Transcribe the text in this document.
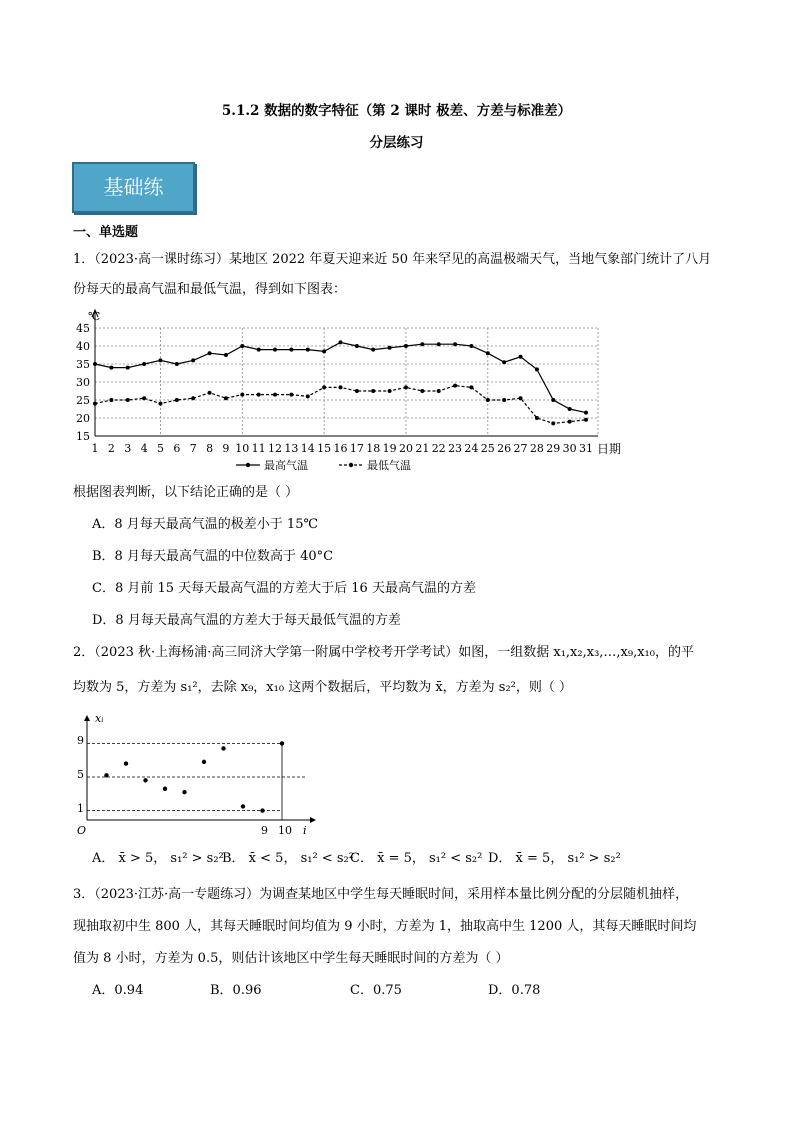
5.1.2 数据的数字特征（第 2 课时 极差、方差与标准差）
分层练习
基础练
一、单选题
1．（2023·高一课时练习）某地区 2022 年夏天迎来近 50 年来罕见的高温极端天气，当地气象部门统计了八月
份每天的最高气温和最低气温，得到如下图表：
15
20
25
30
35
40
45
1 2 3 4 5 6 7 8 9 10 11 12 13 14 15 16 17 18 19 20 21 22 23 24 25 26 27 28 29 30 31
℃
日期
最高气温	最低气温
根据图表判断，以下结论正确的是（ ）
A．8 月每天最高气温的极差小于 15℃
B．8 月每天最高气温的中位数高于 40°C
C．8 月前 15 天每天最高气温的方差大于后 16 天最高气温的方差
D．8 月每天最高气温的方差大于每天最低气温的方差
2．（2023 秋·上海杨浦·高三同济大学第一附属中学校考开学考试）如图，一组数据 x₁,x₂,x₃,…,x₉,x₁₀，的平
均数为 5，方差为 s₁²，去除 x₉，x₁₀ 这两个数据后，平均数为 x̄，方差为 s₂²，则（ ）
xᵢ
i
O
9
5
1
9 10
A． x̄ > 5， s₁² > s₂²
B． x̄ < 5， s₁² < s₂²
C． x̄ = 5， s₁² < s₂² D． x̄ = 5， s₁² > s₂²
3．（2023·江苏·高一专题练习）为调查某地区中学生每天睡眠时间，采用样本量比例分配的分层随机抽样，
现抽取初中生 800 人，其每天睡眠时间均值为 9 小时，方差为 1，抽取高中生 1200 人，其每天睡眠时间均
值为 8 小时，方差为 0.5，则估计该地区中学生每天睡眠时间的方差为（ ）
A．0.94	B．0.96	C．0.75	D．0.78
